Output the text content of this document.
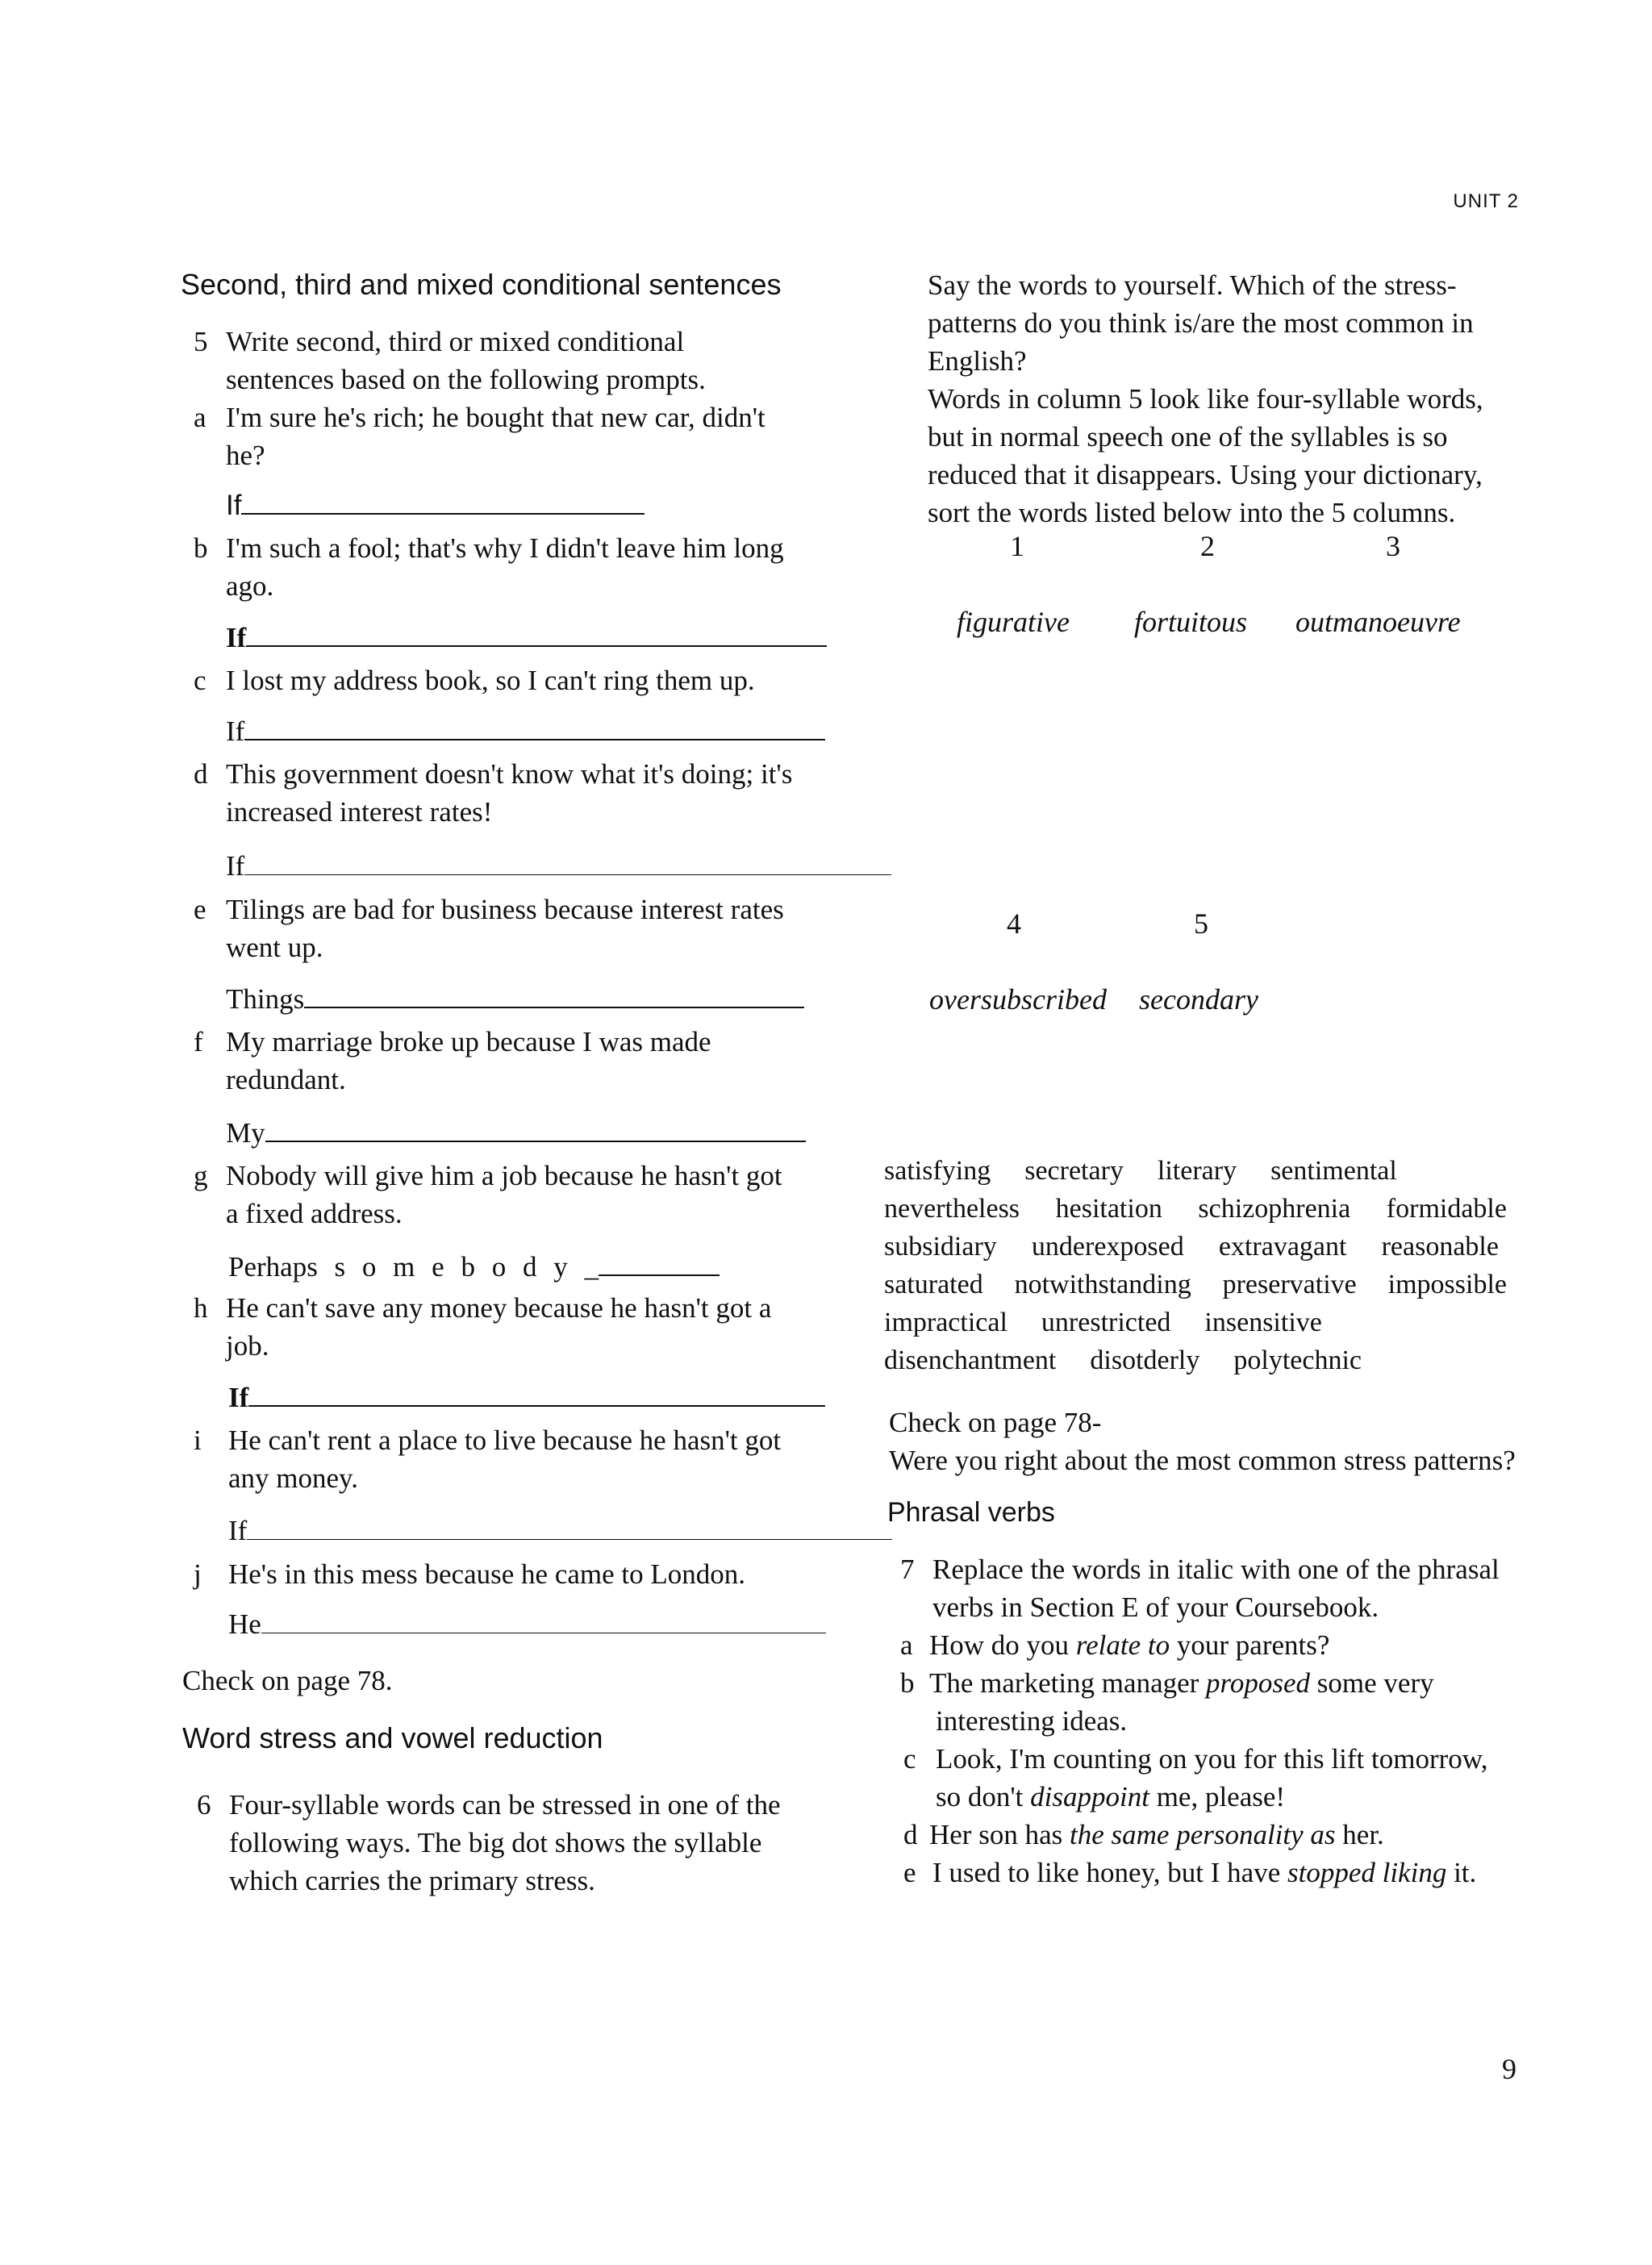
UNIT 2
Second, third and mixed conditional sentences
5 Write second, third or mixed conditional
sentences based on the following prompts.
a I'm sure he's rich; he bought that new car, didn't
he?
If
b I'm such a fool; that's why I didn't leave him long
ago.
If
c I lost my address book, so I can't ring them up.
If
d This government doesn't know what it's doing; it's
increased interest rates!
If
e Tilings are bad for business because interest rates
went up.
Things
f My marriage broke up because I was made
redundant.
My
g Nobody will give him a job because he hasn't got
a fixed address.
Perhaps s o m e b o d y _
h He can't save any money because he hasn't got a
job.
If
i He can't rent a place to live because he hasn't got
any money.
If
j He's in this mess because he came to London.
He
Check on page 78.
Word stress and vowel reduction
6 Four-syllable words can be stressed in one of the
following ways. The big dot shows the syllable
which carries the primary stress.
Say the words to yourself. Which of the stress-
patterns do you think is/are the most common in
English?
Words in column 5 look like four-syllable words,
but in normal speech one of the syllables is so
reduced that it disappears. Using your dictionary,
sort the words listed below into the 5 columns.
1	2	3
figurative fortuitous outmanoeuvre
4	5
oversubscribed secondary
satisfying secretary literary sentimental
nevertheless hesitation schizophrenia formidable
subsidiary underexposed extravagant reasonable
saturated notwithstanding preservative impossible
impractical unrestricted insensitive
disenchantment disotderly polytechnic
Check on page 78-
Were you right about the most common stress patterns?
Phrasal verbs
7 Replace the words in italic with one of the phrasal
verbs in Section E of your Coursebook.
a How do you relate to your parents?
b The marketing manager proposed some very
interesting ideas.
c Look, I'm counting on you for this lift tomorrow,
so don't disappoint me, please!
d Her son has the same personality as her.
e I used to like honey, but I have stopped liking it.
9
